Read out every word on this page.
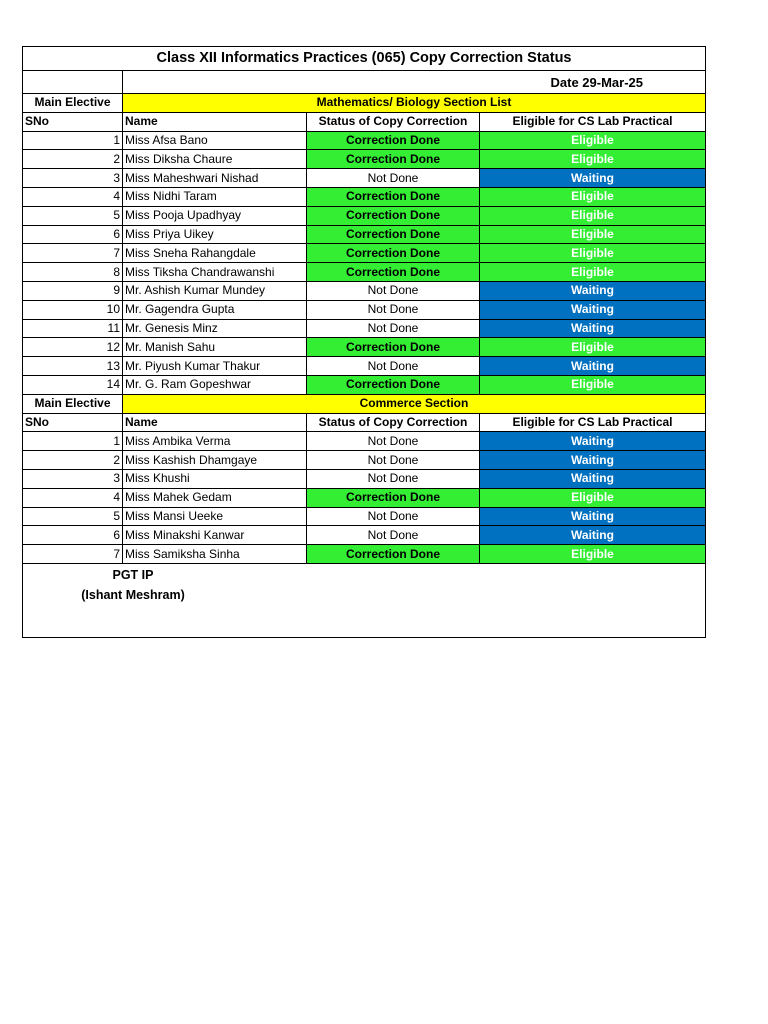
Class XII Informatics Practices (065) Copy Correction Status			
	Date 29-Mar-25		
Main Elective	Mathematics/ Biology Section List		
SNo	Name	Status of Copy Correction	Eligible for CS Lab Practical
1	Miss Afsa Bano	Correction Done	Eligible
2	Miss Diksha Chaure	Correction Done	Eligible
3	Miss Maheshwari Nishad	Not Done	Waiting
4	Miss Nidhi Taram	Correction Done	Eligible
5	Miss Pooja Upadhyay	Correction Done	Eligible
6	Miss Priya Uikey	Correction Done	Eligible
7	Miss Sneha Rahangdale	Correction Done	Eligible
8	Miss Tiksha Chandrawanshi	Correction Done	Eligible
9	Mr. Ashish Kumar Mundey	Not Done	Waiting
10	Mr. Gagendra Gupta	Not Done	Waiting
11	Mr. Genesis Minz	Not Done	Waiting
12	Mr. Manish Sahu	Correction Done	Eligible
13	Mr. Piyush Kumar Thakur	Not Done	Waiting
14	Mr. G. Ram Gopeshwar	Correction Done	Eligible
Main Elective	Commerce Section		
SNo	Name	Status of Copy Correction	Eligible for CS Lab Practical
1	Miss Ambika Verma	Not Done	Waiting
2	Miss Kashish Dhamgaye	Not Done	Waiting
3	Miss Khushi	Not Done	Waiting
4	Miss Mahek Gedam	Correction Done	Eligible
5	Miss Mansi Ueeke	Not Done	Waiting
6	Miss Minakshi Kanwar	Not Done	Waiting
7	Miss Samiksha Sinha	Correction Done	Eligible
PGT IP
(Ishant Meshram)
